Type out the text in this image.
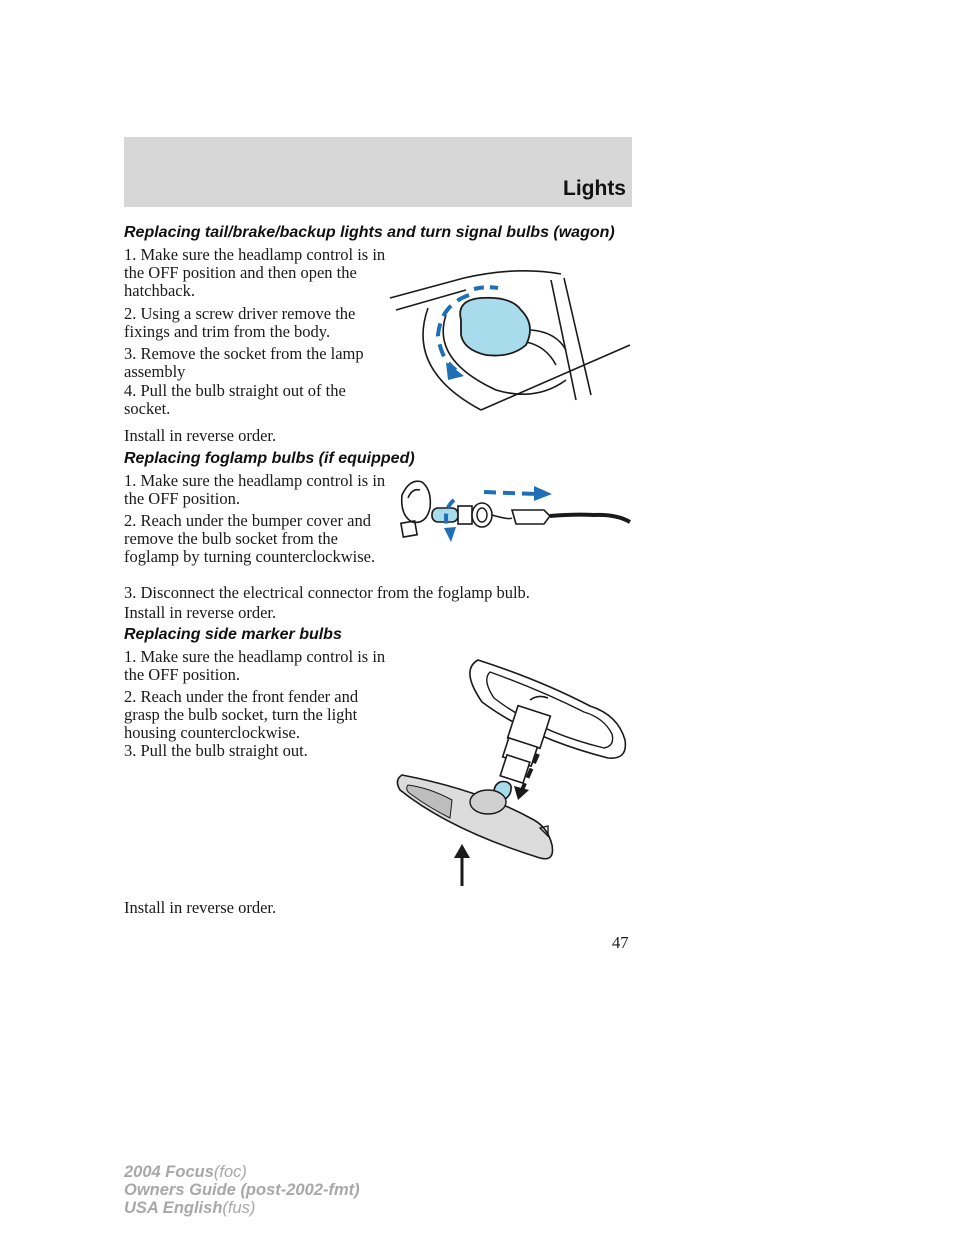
Lights
Replacing tail/brake/backup lights and turn signal bulbs (wagon)

1. Make sure the headlamp control is in the OFF position and then open the hatchback.

2. Using a screw driver remove the fixings and trim from the body.

3. Remove the socket from the lamp assembly

4. Pull the bulb straight out of the socket.

Install in reverse order.

Replacing foglamp bulbs (if equipped)

1. Make sure the headlamp control is in the OFF position.

2. Reach under the bumper cover and remove the bulb socket from the foglamp by turning counterclockwise.

3. Disconnect the electrical connector from the foglamp bulb.

Install in reverse order.

Replacing side marker bulbs

1. Make sure the headlamp control is in the OFF position.

2. Reach under the front fender and grasp the bulb socket, turn the light housing counterclockwise.

3. Pull the bulb straight out.

Install in reverse order.

47
2004 Focus(foc)
Owners Guide (post-2002-fmt)
USA English(fus)
